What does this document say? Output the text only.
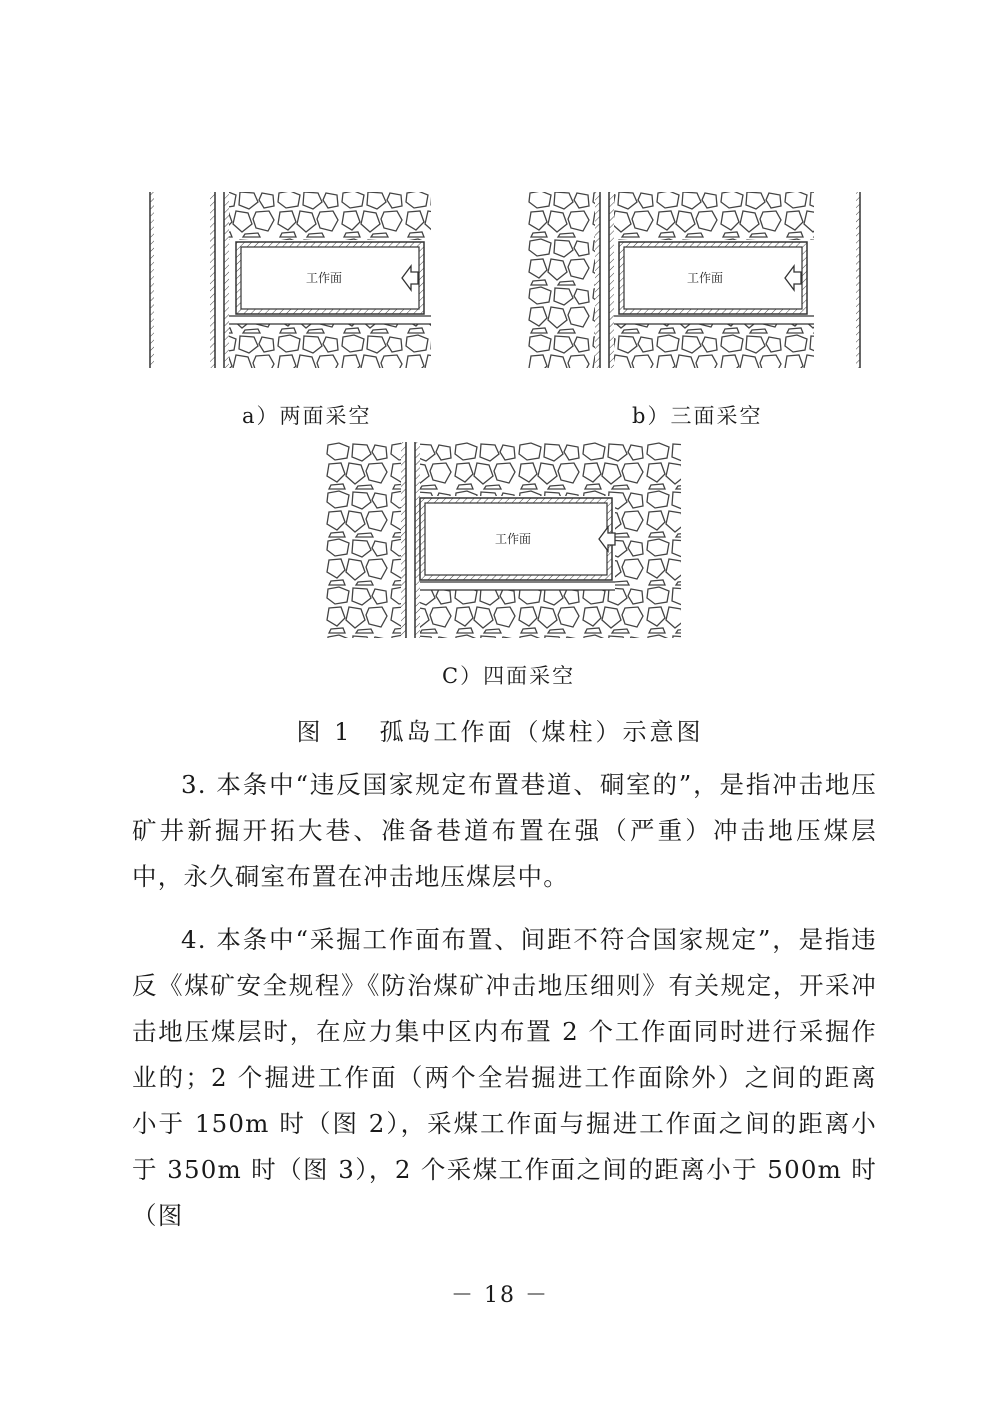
工作面
a）两面采空
工作面
b）三面采空
工作面
C）四面采空
图 1　孤岛工作面（煤柱）示意图

3. 本条中“违反国家规定布置巷道、硐室的”，是指冲击地压矿井新掘开拓大巷、准备巷道布置在强（严重）冲击地压煤层中，永久硐室布置在冲击地压煤层中。

4. 本条中“采掘工作面布置、间距不符合国家规定”，是指违反《煤矿安全规程》《防治煤矿冲击地压细则》有关规定，开采冲击地压煤层时，在应力集中区内布置 2 个工作面同时进行采掘作业的；2 个掘进工作面（两个全岩掘进工作面除外）之间的距离小于 150m 时（图 2），采煤工作面与掘进工作面之间的距离小于 350m 时（图 3），2 个采煤工作面之间的距离小于 500m 时（图

－ 18 －
